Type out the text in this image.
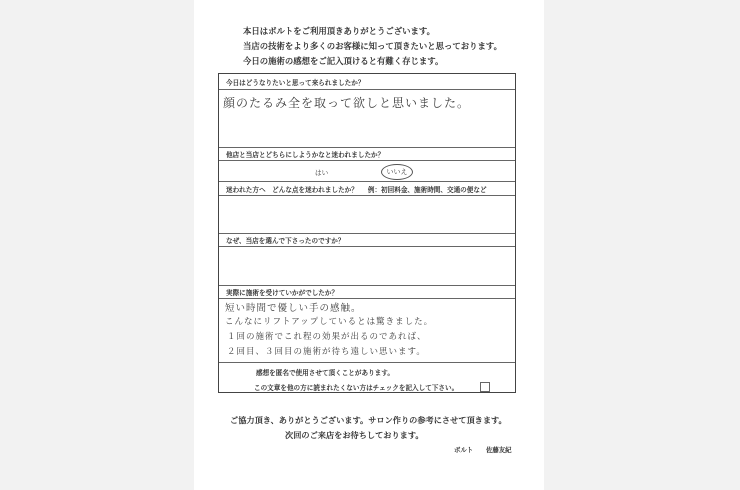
本日はボルトをご利用頂きありがとうございます。
当店の技術をより多くのお客様に知って頂きたいと思っております。
今日の施術の感想をご記入頂けると有難く存じます。
今日はどうなりたいと思って来られましたか？
顔のたるみ全を取って欲しと思いました。
他店と当店とどちらにしようかなと迷われましたか？
はい	いいえ
迷われた方へ　どんな点を迷われましたか？ 例：初回料金、施術時間、交通の便など
なぜ、当店を選んで下さったのですか？
実際に施術を受けていかがでしたか？
短い時間で優しい手の感触。
こんなにリフトアップしているとは驚きました。
１回の施術でこれ程の効果が出るのであれば、
２回目、３回目の施術が待ち遠しい思います。
感想を匿名で使用させて頂くことがあります。
この文章を他の方に読まれたくない方はチェックを記入して下さい。
ご協力頂き、ありがとうございます。サロン作りの参考にさせて頂きます。
次回のご来店をお待ちしております。
ボルト 佐藤友紀
